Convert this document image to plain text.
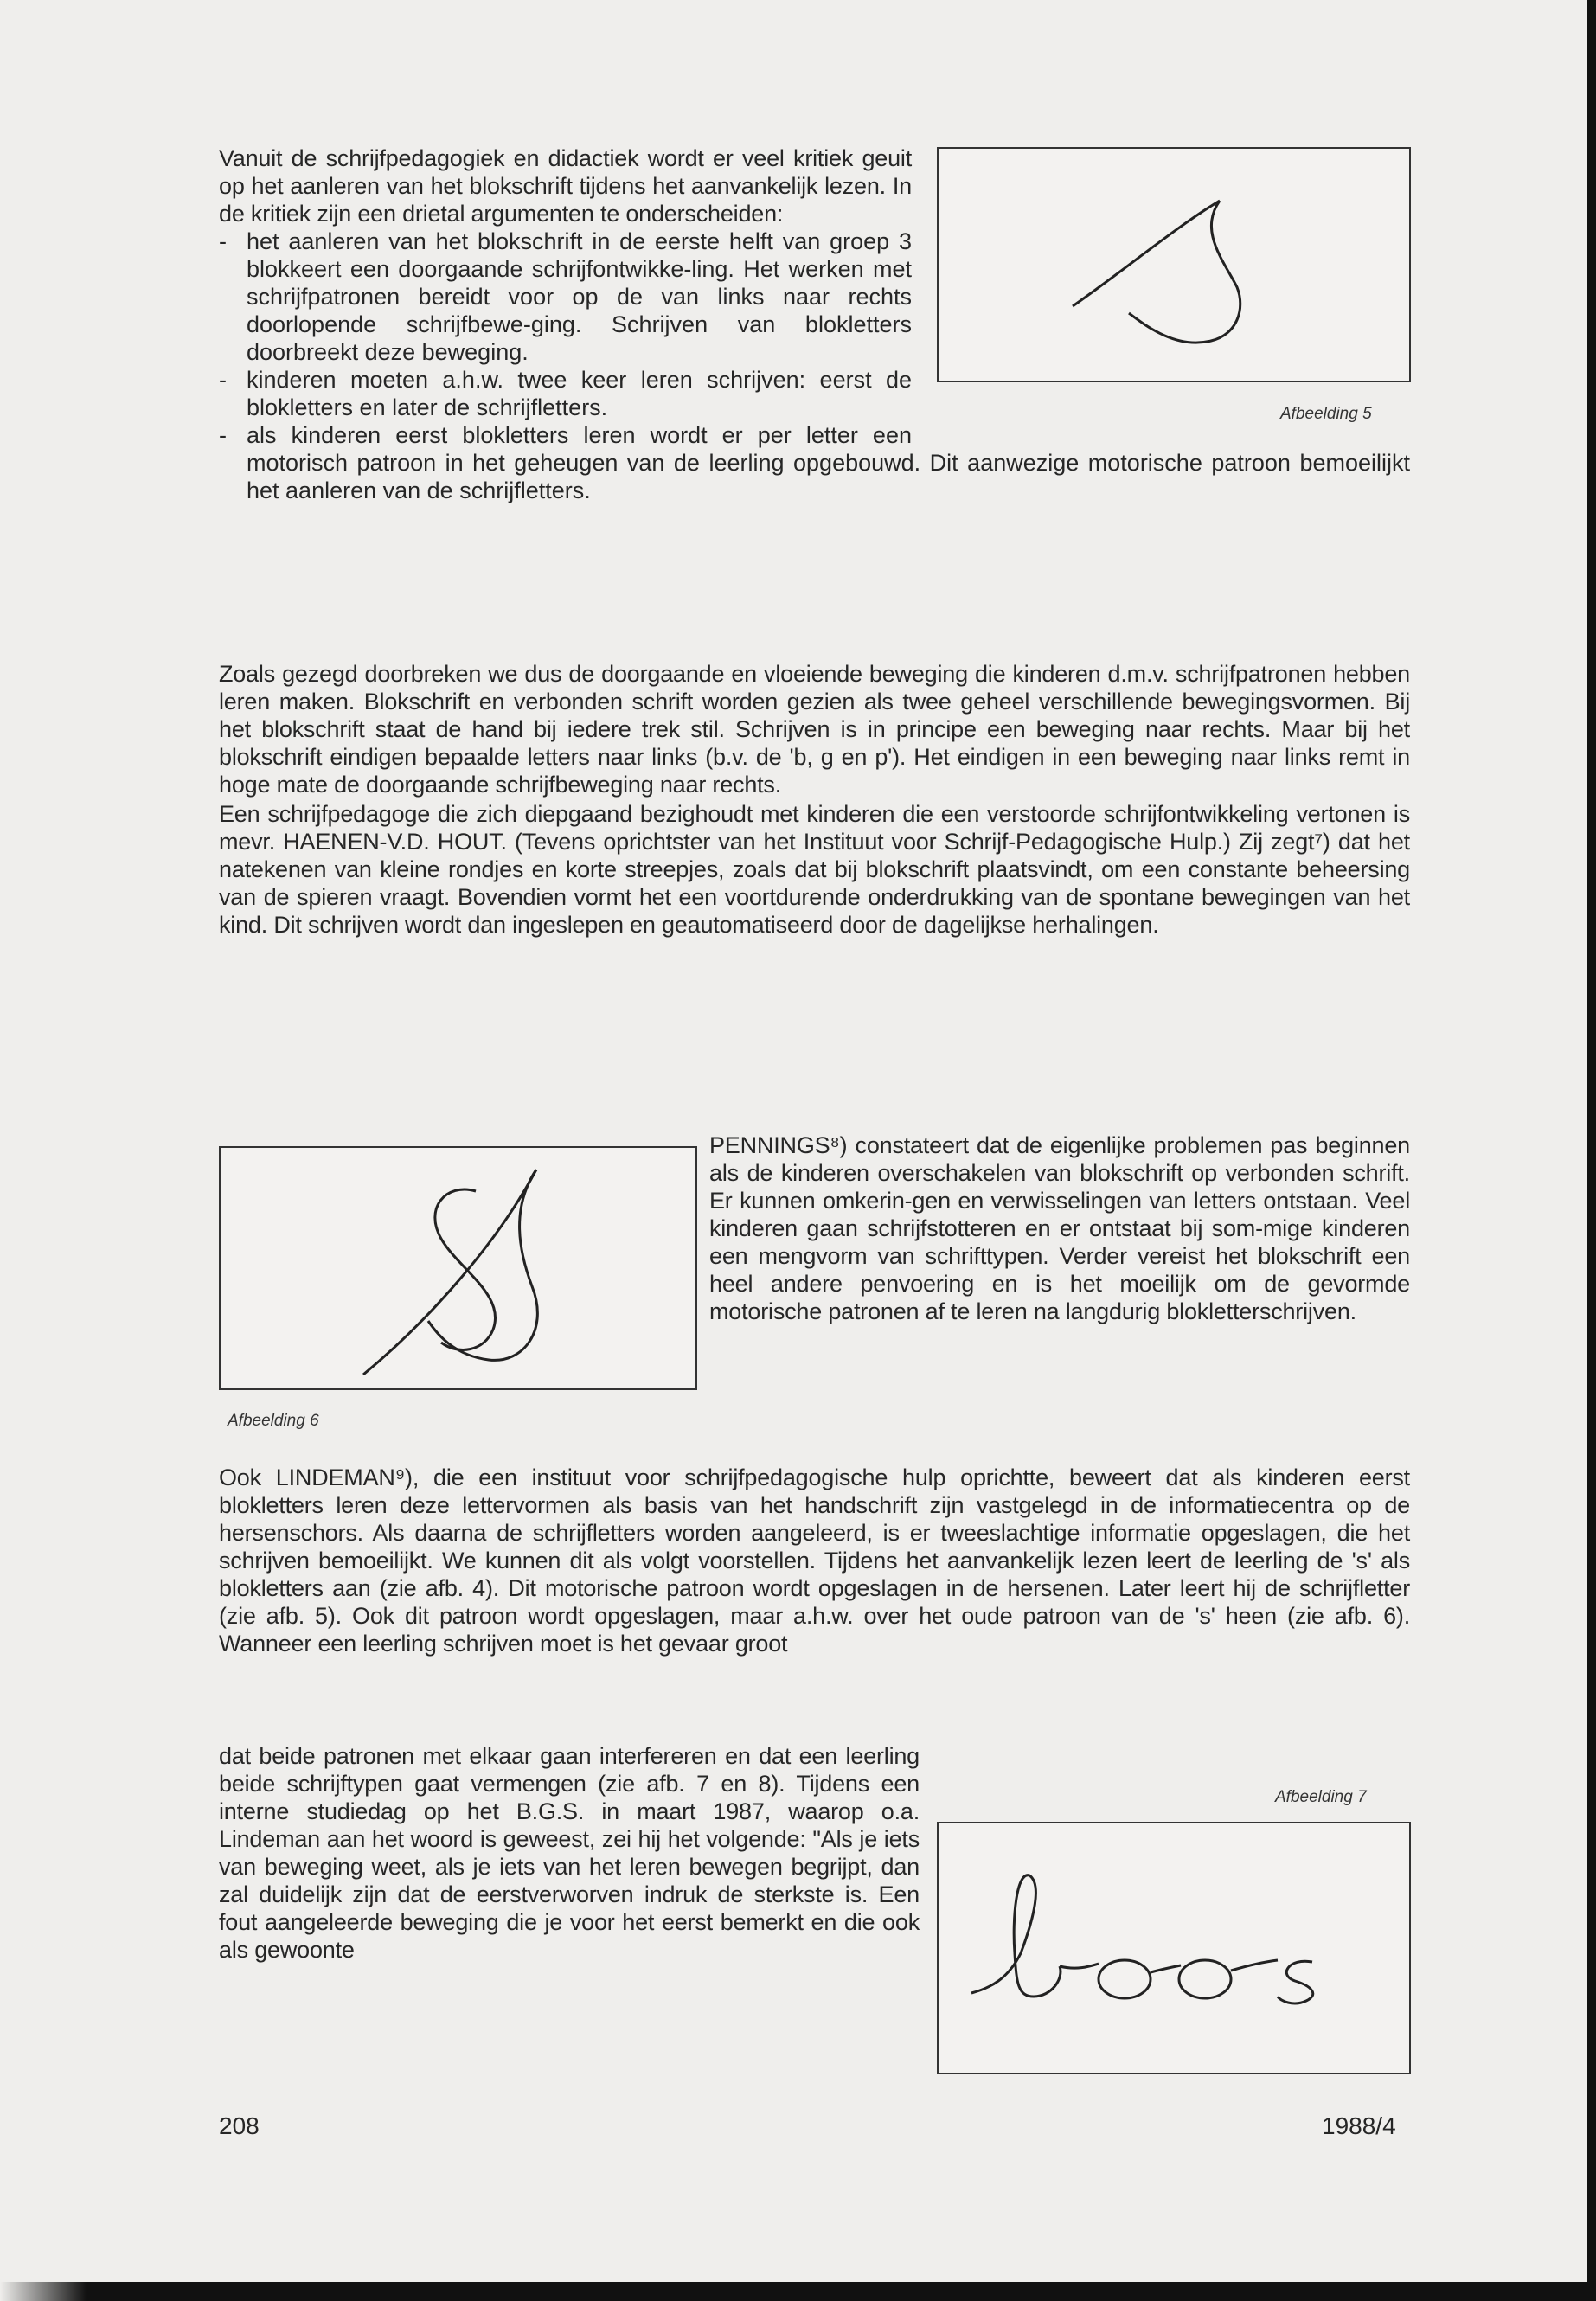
Vanuit de schrijfpedagogiek en didactiek wordt er veel kritiek geuit op het aanleren van het blokschrift tijdens het aanvankelijk lezen. In de kritiek zijn een drietal argumenten te onderscheiden:

- het aanleren van het blokschrift in de eerste helft van groep 3 blokkeert een doorgaande schrijfontwikke-ling. Het werken met schrijfpatronen bereidt voor op de van links naar rechts doorlopende schrijfbewe-ging. Schrijven van blokletters doorbreekt deze beweging.

- kinderen moeten a.h.w. twee keer leren schrijven: eerst de blokletters en later de schrijfletters.

- als kinderen eerst blokletters leren wordt er per letter een motorisch patroon in het geheugen van de leerling opgebouwd. Dit aanwezige motorische patroon bemoeilijkt het aanleren van de schrijfletters.

Afbeelding 5

Zoals gezegd doorbreken we dus de doorgaande en vloeiende beweging die kinderen d.m.v. schrijfpatronen hebben leren maken. Blokschrift en verbonden schrift worden gezien als twee geheel verschillende bewegingsvormen. Bij het blokschrift staat de hand bij iedere trek stil. Schrijven is in principe een beweging naar rechts. Maar bij het blokschrift eindigen bepaalde letters naar links (b.v. de 'b, g en p'). Het eindigen in een beweging naar links remt in hoge mate de doorgaande schrijfbeweging naar rechts.

Een schrijfpedagoge die zich diepgaand bezighoudt met kinderen die een verstoorde schrijfontwikkeling vertonen is mevr. HAENEN-V.D. HOUT. (Tevens oprichtster van het Instituut voor Schrijf-Pedagogische Hulp.) Zij zegt⁷) dat het natekenen van kleine rondjes en korte streepjes, zoals dat bij blokschrift plaatsvindt, om een constante beheersing van de spieren vraagt. Bovendien vormt het een voortdurende onderdrukking van de spontane bewegingen van het kind. Dit schrijven wordt dan ingeslepen en geautomatiseerd door de dagelijkse herhalingen.

Afbeelding 6

PENNINGS⁸) constateert dat de eigenlijke problemen pas beginnen als de kinderen overschakelen van blokschrift op verbonden schrift. Er kunnen omkerin-gen en verwisselingen van letters ontstaan. Veel kinderen gaan schrijfstotteren en er ontstaat bij som-mige kinderen een mengvorm van schrifttypen. Verder vereist het blokschrift een heel andere penvoering en is het moeilijk om de gevormde motorische patronen af te leren na langdurig blokletterschrijven.

Ook LINDEMAN⁹), die een instituut voor schrijfpedagogische hulp oprichtte, beweert dat als kinderen eerst blokletters leren deze lettervormen als basis van het handschrift zijn vastgelegd in de informatiecentra op de hersenschors. Als daarna de schrijfletters worden aangeleerd, is er tweeslachtige informatie opgeslagen, die het schrijven bemoeilijkt. We kunnen dit als volgt voorstellen. Tijdens het aanvankelijk lezen leert de leerling de 's' als blokletters aan (zie afb. 4). Dit motorische patroon wordt opgeslagen in de hersenen. Later leert hij de schrijfletter (zie afb. 5). Ook dit patroon wordt opgeslagen, maar a.h.w. over het oude patroon van de 's' heen (zie afb. 6). Wanneer een leerling schrijven moet is het gevaar groot

dat beide patronen met elkaar gaan interfereren en dat een leerling beide schrijftypen gaat vermengen (zie afb. 7 en 8). Tijdens een interne studiedag op het B.G.S. in maart 1987, waarop o.a. Lindeman aan het woord is geweest, zei hij het volgende: "Als je iets van beweging weet, als je iets van het leren bewegen begrijpt, dan zal duidelijk zijn dat de eerstverworven indruk de sterkste is. Een fout aangeleerde beweging die je voor het eerst bemerkt en die ook als gewoonte

Afbeelding 7
208	1988/4
